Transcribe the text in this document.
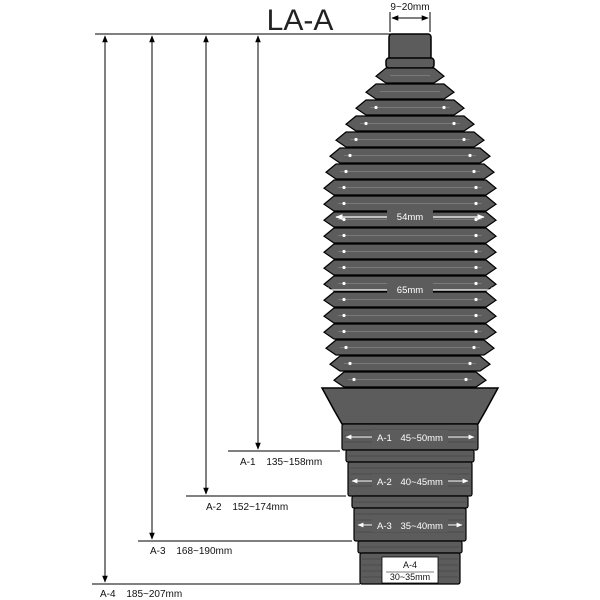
LA-A	9~20mm
54mm
65mm
A-1 45~50mm
A-2 40~45mm
A-3 35~40mm
A-4
30~35mm
A-1 135~158mm
A-2 152~174mm
A-3 168~190mm
A-4 185~207mm
